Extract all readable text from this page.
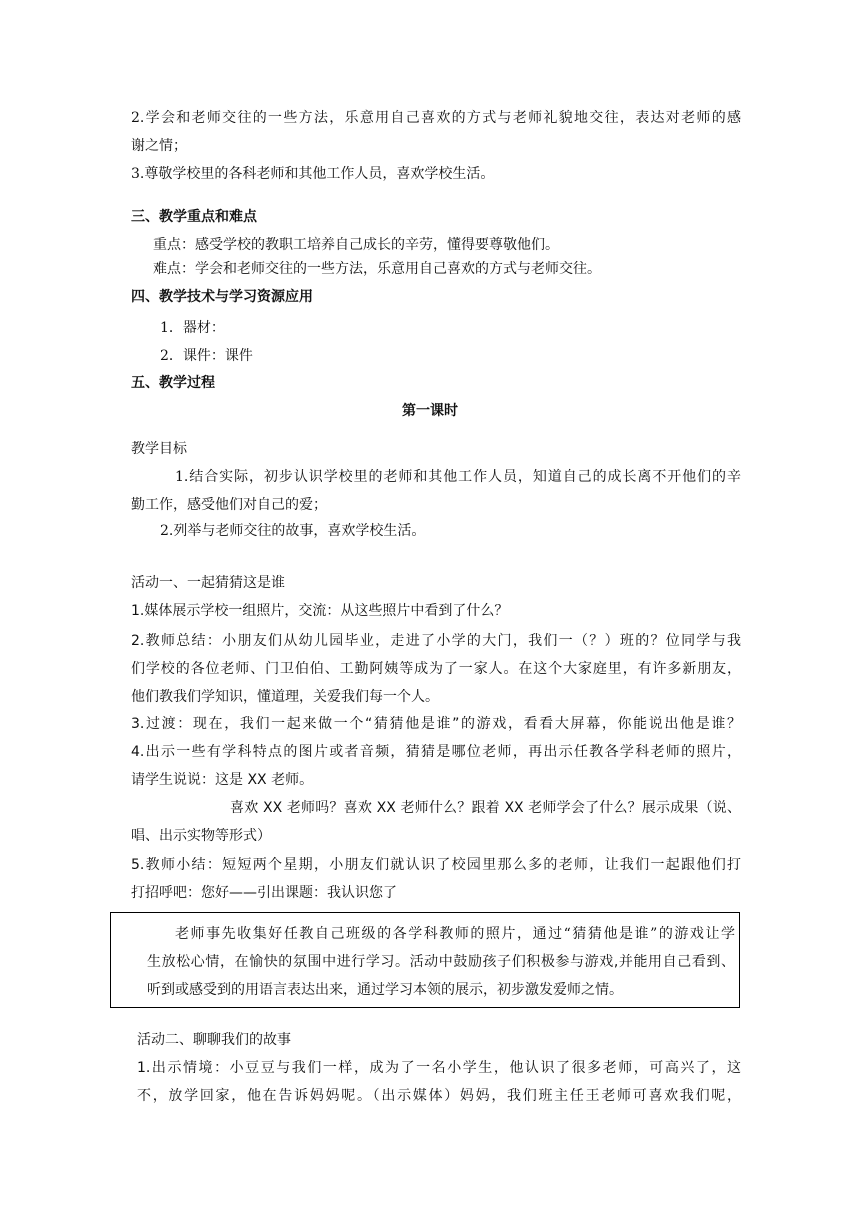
2.学会和老师交往的一些方法，乐意用自己喜欢的方式与老师礼貌地交往，表达对老师的感
谢之情；
3.尊敬学校里的各科老师和其他工作人员，喜欢学校生活。
三、教学重点和难点
重点：感受学校的教职工培养自己成长的辛劳，懂得要尊敬他们。
难点：学会和老师交往的一些方法，乐意用自己喜欢的方式与老师交往。
四、教学技术与学习资源应用
1．器材：
2．课件：课件
五、教学过程
第一课时
教学目标
1.结合实际，初步认识学校里的老师和其他工作人员，知道自己的成长离不开他们的辛
勤工作，感受他们对自己的爱；
2.列举与老师交往的故事，喜欢学校生活。
活动一、一起猜猜这是谁
1.媒体展示学校一组照片，交流：从这些照片中看到了什么？
2.教师总结：小朋友们从幼儿园毕业，走进了小学的大门，我们一（？）班的？位同学与我
们学校的各位老师、门卫伯伯、工勤阿姨等成为了一家人。在这个大家庭里，有许多新朋友，
他们教我们学知识，懂道理，关爱我们每一个人。
3.过渡：现在，我们一起来做一个“猜猜他是谁”的游戏，看看大屏幕，你能说出他是谁？
4.出示一些有学科特点的图片或者音频，猜猜是哪位老师，再出示任教各学科老师的照片，
请学生说说：这是 XX 老师。
喜欢 XX 老师吗？喜欢 XX 老师什么？跟着 XX 老师学会了什么？展示成果（说、
唱、出示实物等形式）
5.教师小结：短短两个星期，小朋友们就认识了校园里那么多的老师，让我们一起跟他们打
打招呼吧：您好——引出课题：我认识您了
老师事先收集好任教自己班级的各学科教师的照片，通过“猜猜他是谁”的游戏让学
生放松心情，在愉快的氛围中进行学习。活动中鼓励孩子们积极参与游戏,并能用自己看到、
听到或感受到的用语言表达出来，通过学习本领的展示，初步激发爱师之情。
活动二、聊聊我们的故事
1.出示情境：小豆豆与我们一样，成为了一名小学生，他认识了很多老师，可高兴了，这
不，放学回家，他在告诉妈妈呢。（出示媒体）妈妈，我们班主任王老师可喜欢我们呢，
